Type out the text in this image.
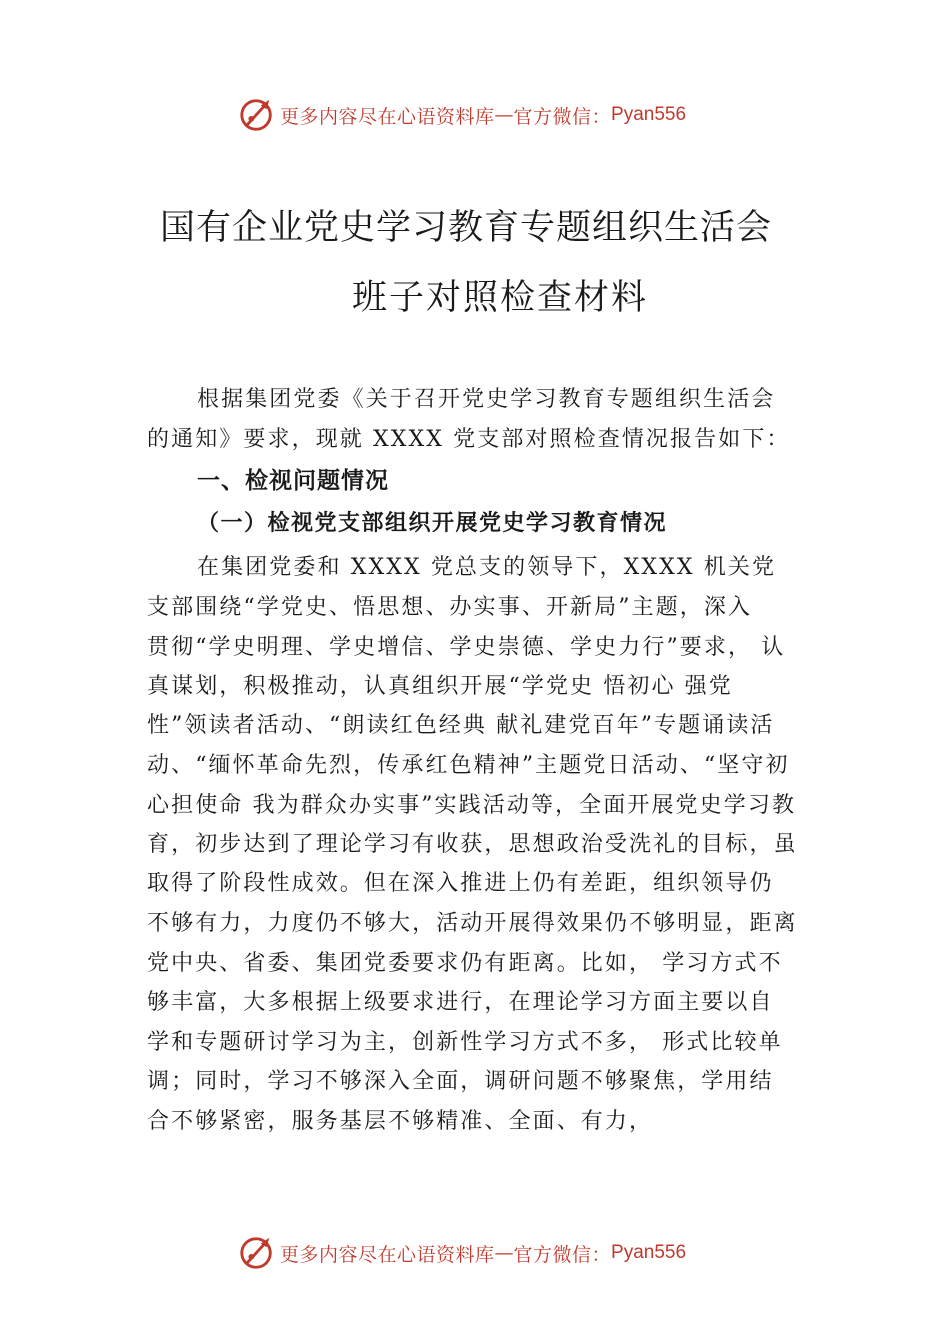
更多内容尽在心语资料库 — 官方微信： Pyan556
国有企业党史学习教育专题组织生活会
班子对照检查材料
根据集团党委《关于召开党史学习教育专题组织生活会
的通知》要求，现就 XXXX 党支部对照检查情况报告如下：
一、检视问题情况
（一）检视党支部组织开展党史学习教育情况
在集团党委和 XXXX 党总支的领导下，XXXX 机关党
支部围绕“学党史、悟思想、办实事、开新局”主题，深入
贯彻“学史明理、学史增信、学史崇德、学史力行”要求， 认
真谋划，积极推动，认真组织开展“学党史 悟初心 强党
性”领读者活动、“朗读红色经典 献礼建党百年”专题诵读活
动、“缅怀革命先烈，传承红色精神”主题党日活动、“坚守初
心担使命 我为群众办实事”实践活动等，全面开展党史学习教
育，初步达到了理论学习有收获，思想政治受洗礼的目标，虽
取得了阶段性成效。但在深入推进上仍有差距，组织领导仍
不够有力，力度仍不够大，活动开展得效果仍不够明显，距离
党中央、省委、集团党委要求仍有距离。比如， 学习方式不
够丰富，大多根据上级要求进行，在理论学习方面主要以自
学和专题研讨学习为主，创新性学习方式不多， 形式比较单
调；同时，学习不够深入全面，调研问题不够聚焦，学用结
合不够紧密，服务基层不够精准、全面、有力，
更多内容尽在心语资料库 — 官方微信： Pyan556
